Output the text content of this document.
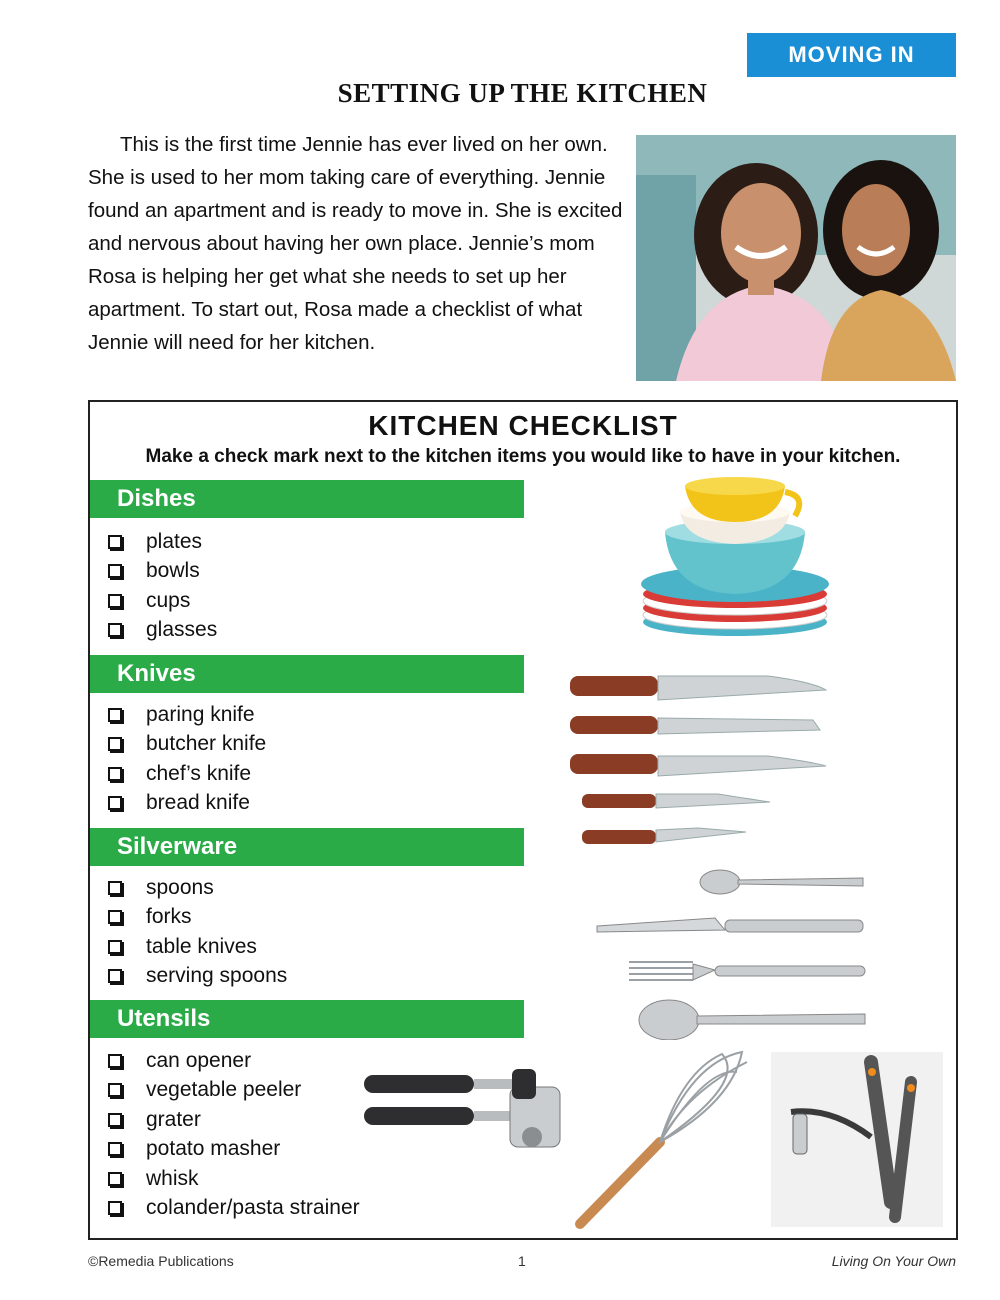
MOVING IN
SETTING UP THE KITCHEN

This is the first time Jennie has ever lived on her own. She is used to her mom taking care of everything. Jennie found an apartment and is ready to move in. She is excited and nervous about having her own place. Jennie’s mom Rosa is helping her get what she needs to set up her apartment. To start out, Rosa made a checklist of what Jennie will need for her kitchen.

KITCHEN CHECKLIST
Make a check mark next to the kitchen items you would like to have in your kitchen.
Dishes
plates
bowls
cups
glasses
Knives
paring knife
butcher knife
chef’s knife
bread knife
Silverware
spoons
forks
table knives
serving spoons
Utensils
can opener
vegetable peeler
grater
potato masher
whisk
colander/pasta strainer
©Remedia Publications	1	Living On Your Own
